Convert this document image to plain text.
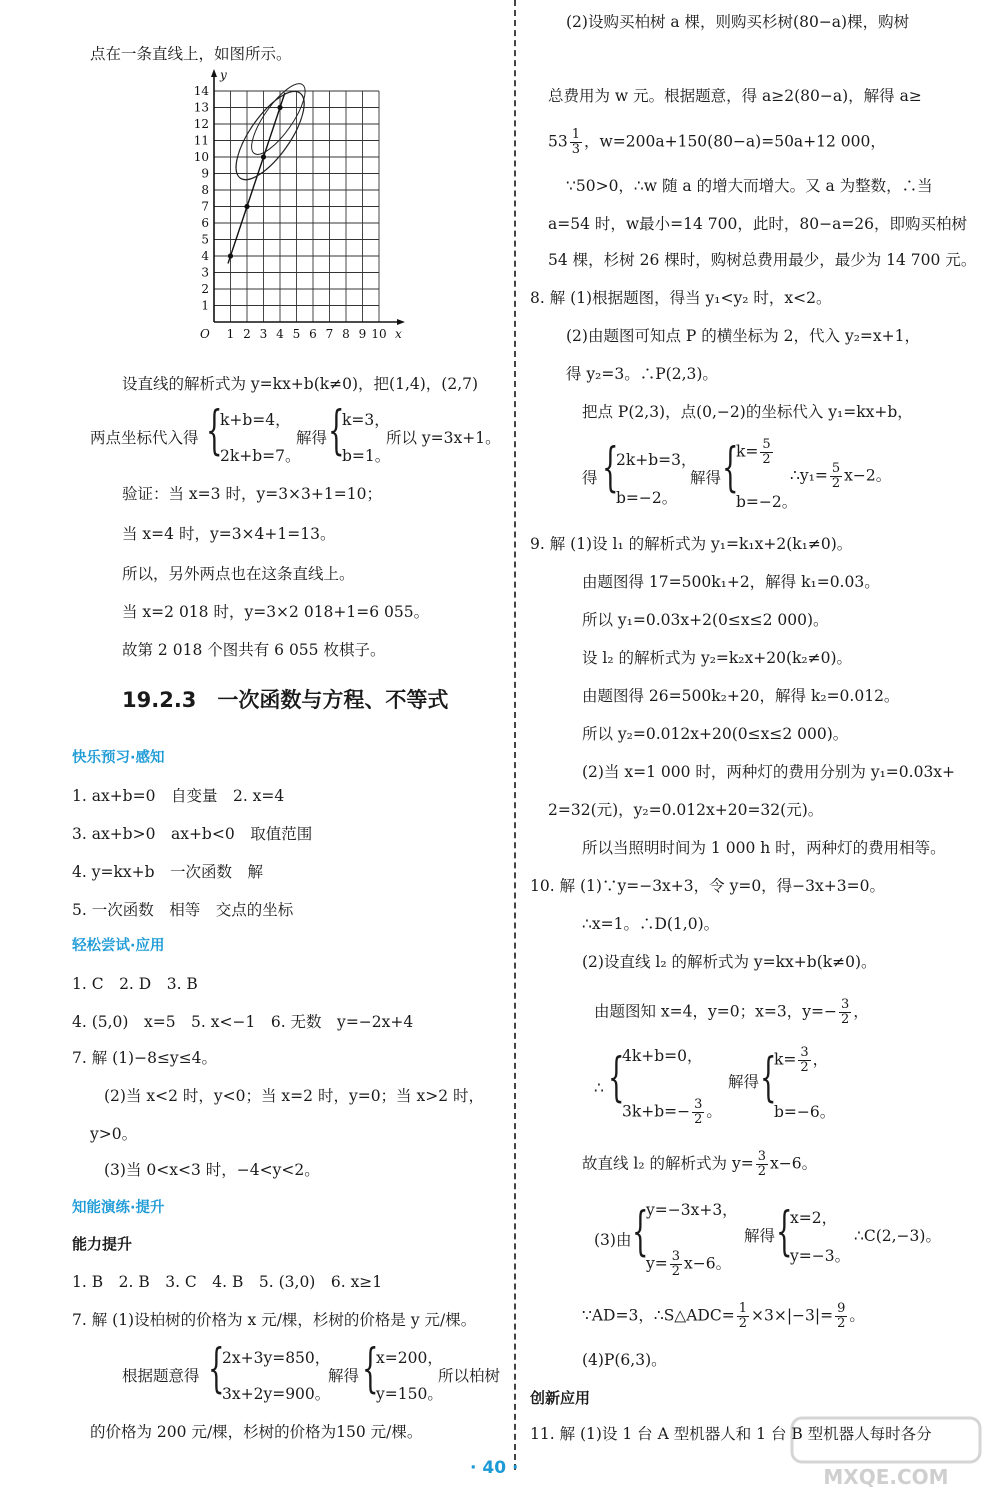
点在一条直线上，如图所示。
1 2 3 4 5 6 7 8 9 10
1
2
3
4
5
6
7
8
9
10
11
12
13
14
O	x
y
设直线的解析式为 y=kx+b(k≠0)，把(1,4)，(2,7)
两点坐标代入得 {
k+b=4，
2k+b=7。
解得 {
k=3，
b=1。
所以 y=3x+1。
验证：当 x=3 时，y=3×3+1=10；
当 x=4 时，y=3×4+1=13。
所以，另外两点也在这条直线上。
当 x=2 018 时，y=3×2 018+1=6 055。
故第 2 018 个图共有 6 055 枚棋子。
19.2.3　一次函数与方程、不等式
快乐预习·感知
1. ax+b=0　自变量　2. x=4
3. ax+b>0　ax+b<0　取值范围
4. y=kx+b　一次函数　解
5. 一次函数　相等　交点的坐标
轻松尝试·应用
1. C　2. D　3. B
4. (5,0)　x=5　5. x<−1　6. 无数　y=−2x+4
7. 解 (1)−8≤y≤4。
(2)当 x<2 时，y<0；当 x=2 时，y=0；当 x>2 时，
y>0。
(3)当 0<x<3 时，−4<y<2。
知能演练·提升
能力提升
1. B　2. B　3. C　4. B　5. (3,0)　6. x≥1
7. 解 (1)设柏树的价格为 x 元/棵，杉树的价格是 y 元/棵。
根据题意得 {
2x+3y=850，
3x+2y=900。
解得 {
x=200，
y=150。
所以柏树
的价格为 200 元/棵，杉树的价格为150 元/棵。
(2)设购买柏树 a 棵，则购买杉树(80−a)棵，购树
总费用为 w 元。根据题意，得 a≥2(80−a)，解得 a≥
$53 \frac{1}{3}$ ，w=200a+150(80−a)=50a+12 000，
∵50>0，∴w 随 a 的增大而增大。又 a 为整数，∴当
a=54 时，w最小=14 700，此时，80−a=26，即购买柏树
54 棵，杉树 26 棵时，购树总费用最少，最少为 14 700 元。
8. 解 (1)根据题图，得当 y₁<y₂ 时，x<2。
(2)由题图可知点 P 的横坐标为 2，代入 y₂=x+1，
得 y₂=3。∴P(2,3)。
把点 P(2,3)，点(0,−2)的坐标代入 y₁=kx+b，
得 {
2k+b=3，
b=−2。
解得 {
$k= \frac{5}{2}$
b=−2。
∴y₁= $\frac{5}{2} x-2$。
9. 解 (1)设 l₁ 的解析式为 y₁=k₁x+2(k₁≠0)。
由题图得 17=500k₁+2，解得 k₁=0.03。
所以 y₁=0.03x+2(0≤x≤2 000)。
设 l₂ 的解析式为 y₂=k₂x+20(k₂≠0)。
由题图得 26=500k₂+20，解得 k₂=0.012。
所以 y₂=0.012x+20(0≤x≤2 000)。
(2)当 x=1 000 时，两种灯的费用分别为 y₁=0.03x+
2=32(元)，y₂=0.012x+20=32(元)。
所以当照明时间为 1 000 h 时，两种灯的费用相等。
10. 解 (1)∵y=−3x+3，令 y=0，得−3x+3=0。
∴x=1。∴D(1,0)。
(2)设直线 l₂ 的解析式为 y=kx+b(k≠0)。
由题图知 x=4，y=0；x=3，$y=- \frac{3}{2}$ ，
∴ {
4k+b=0，
$3k+b=- \frac{3}{2}$ 。
解得 {
$k= \frac{3}{2}$ ，
b=−6。
故直线 l₂ 的解析式为 $y= \frac{3}{2} x-6$。
(3)由 {
y=−3x+3，
$y= \frac{3}{2} x-6$。
解得 {
x=2，
y=−3。
∴C(2,−3)。
∵AD=3，∴S△ADC= $\frac{1}{2} \times 3\times|-3|= \frac{9}{2}$ 。
(4)P(6,3)。
创新应用
11. 解 (1)设 1 台 A 型机器人和 1 台 B 型机器人每时各分
· 40 ·	MXQE.COM
